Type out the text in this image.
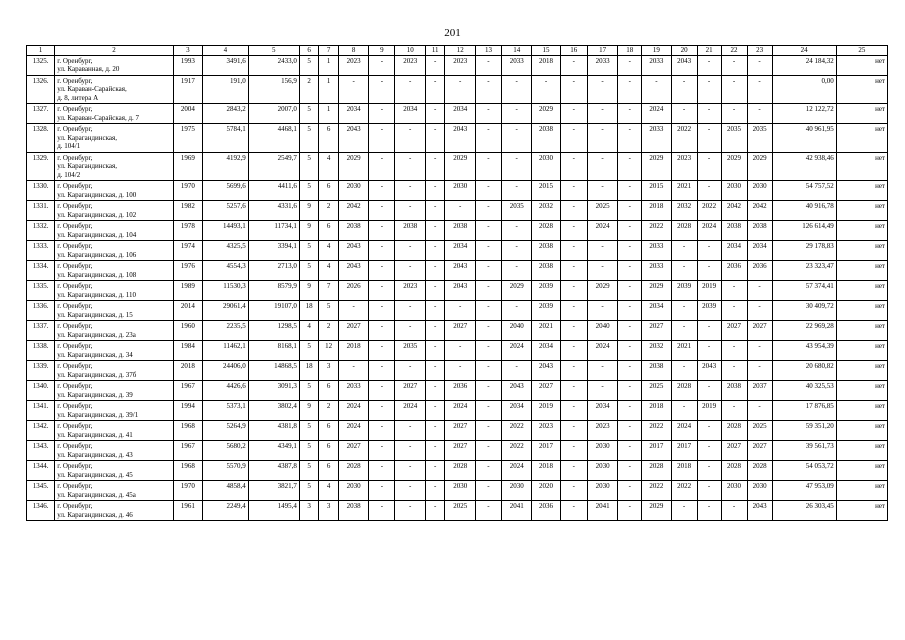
201
1	2	3	4	5	6	7	8	9	10	11	12	13	14	15	16	17	18	19	20	21	22	23	24	25
1325.	г. Оренбург,
ул. Караванная, д. 20	1993	3491,6	2433,0	5	1	2023	-	2023	-	2023	-	2033	2018	-	2033	-	2033	2043	-	-	-	24 184,32	нет
1326.	г. Оренбург,
ул. Караван-Сарайская,
д. 8, литера А	1917	191,0	156,9	2	1	-	-	-	-	-	-	-	-	-	-	-	-	-	-	-	-	0,00	нет
1327.	г. Оренбург,
ул. Караван-Сарайская, д. 7	2004	2843,2	2007,0	5	1	2034	-	2034	-	2034	-	-	2029	-	-	-	2024	-	-	-	-	12 122,72	нет
1328.	г. Оренбург,
ул. Карагандинская,
д. 104/1	1975	5784,1	4468,1	5	6	2043	-	-	-	2043	-	-	2038	-	-	-	2033	2022	-	2035	2035	40 961,95	нет
1329.	г. Оренбург,
ул. Карагандинская,
д. 104/2	1969	4192,9	2549,7	5	4	2029	-	-	-	2029	-	-	2030	-	-	-	2029	2023	-	2029	2029	42 938,46	нет
1330.	г. Оренбург,
ул. Карагандинская, д. 100	1970	5699,6	4411,6	5	6	2030	-	-	-	2030	-	-	2015	-	-	-	2015	2021	-	2030	2030	54 757,52	нет
1331.	г. Оренбург,
ул. Карагандинская, д. 102	1982	5257,6	4331,6	9	2	2042	-	-	-	-	-	2035	2032	-	2025	-	2018	2032	2022	2042	2042	40 916,78	нет
1332.	г. Оренбург,
ул. Карагандинская, д. 104	1978	14493,1	11734,1	9	6	2038	-	2038	-	2038	-	-	2028	-	2024	-	2022	2028	2024	2038	2038	126 614,49	нет
1333.	г. Оренбург,
ул. Карагандинская, д. 106	1974	4325,5	3394,1	5	4	2043	-	-	-	2034	-	-	2038	-	-	-	2033	-	-	2034	2034	29 178,83	нет
1334.	г. Оренбург,
ул. Карагандинская, д. 108	1976	4554,3	2713,0	5	4	2043	-	-	-	2043	-	-	2038	-	-	-	2033	-	-	2036	2036	23 323,47	нет
1335.	г. Оренбург,
ул. Карагандинская, д. 110	1989	11530,3	8579,9	9	7	2026	-	2023	-	2043	-	2029	2039	-	2029	-	2029	2039	2019	-	-	57 374,41	нет
1336.	г. Оренбург,
ул. Карагандинская, д. 15	2014	29061,4	19107,0	18	5	-	-	-	-	-	-	-	2039	-	-	-	2034	-	2039	-	-	30 409,72	нет
1337.	г. Оренбург,
ул. Карагандинская, д. 23а	1960	2235,5	1298,5	4	2	2027	-	-	-	2027	-	2040	2021	-	2040	-	2027	-	-	2027	2027	22 969,28	нет
1338.	г. Оренбург,
ул. Карагандинская, д. 34	1984	11462,1	8168,1	5	12	2018	-	2035	-	-	-	2024	2034	-	2024	-	2032	2021	-	-	-	43 954,39	нет
1339.	г. Оренбург,
ул. Карагандинская, д. 37б	2018	24406,0	14868,5	18	3	-	-	-	-	-	-	-	2043	-	-	-	2038	-	2043	-	-	20 680,82	нет
1340.	г. Оренбург,
ул. Карагандинская, д. 39	1967	4426,6	3091,3	5	6	2033	-	2027	-	2036	-	2043	2027	-	-	-	2025	2028	-	2038	2037	40 325,53	нет
1341.	г. Оренбург,
ул. Карагандинская, д. 39/1	1994	5373,1	3802,4	9	2	2024	-	2024	-	2024	-	2034	2019	-	2034	-	2018	-	2019	-	-	17 876,85	нет
1342.	г. Оренбург,
ул. Карагандинская, д. 41	1968	5264,9	4381,8	5	6	2024	-	-	-	2027	-	2022	2023	-	2023	-	2022	2024	-	2028	2025	59 351,20	нет
1343.	г. Оренбург,
ул. Карагандинская, д. 43	1967	5680,2	4349,1	5	6	2027	-	-	-	2027	-	2022	2017	-	2030	-	2017	2017	-	2027	2027	39 561,73	нет
1344.	г. Оренбург,
ул. Карагандинская, д. 45	1968	5570,9	4387,8	5	6	2028	-	-	-	2028	-	2024	2018	-	2030	-	2028	2018	-	2028	2028	54 053,72	нет
1345.	г. Оренбург,
ул. Карагандинская, д. 45а	1970	4858,4	3821,7	5	4	2030	-	-	-	2030	-	2030	2020	-	2030	-	2022	2022	-	2030	2030	47 953,09	нет
1346.	г. Оренбург,
ул. Карагандинская, д. 46	1961	2249,4	1495,4	3	3	2038	-	-	-	2025	-	2041	2036	-	2041	-	2029	-	-	-	2043	26 303,45	нет
